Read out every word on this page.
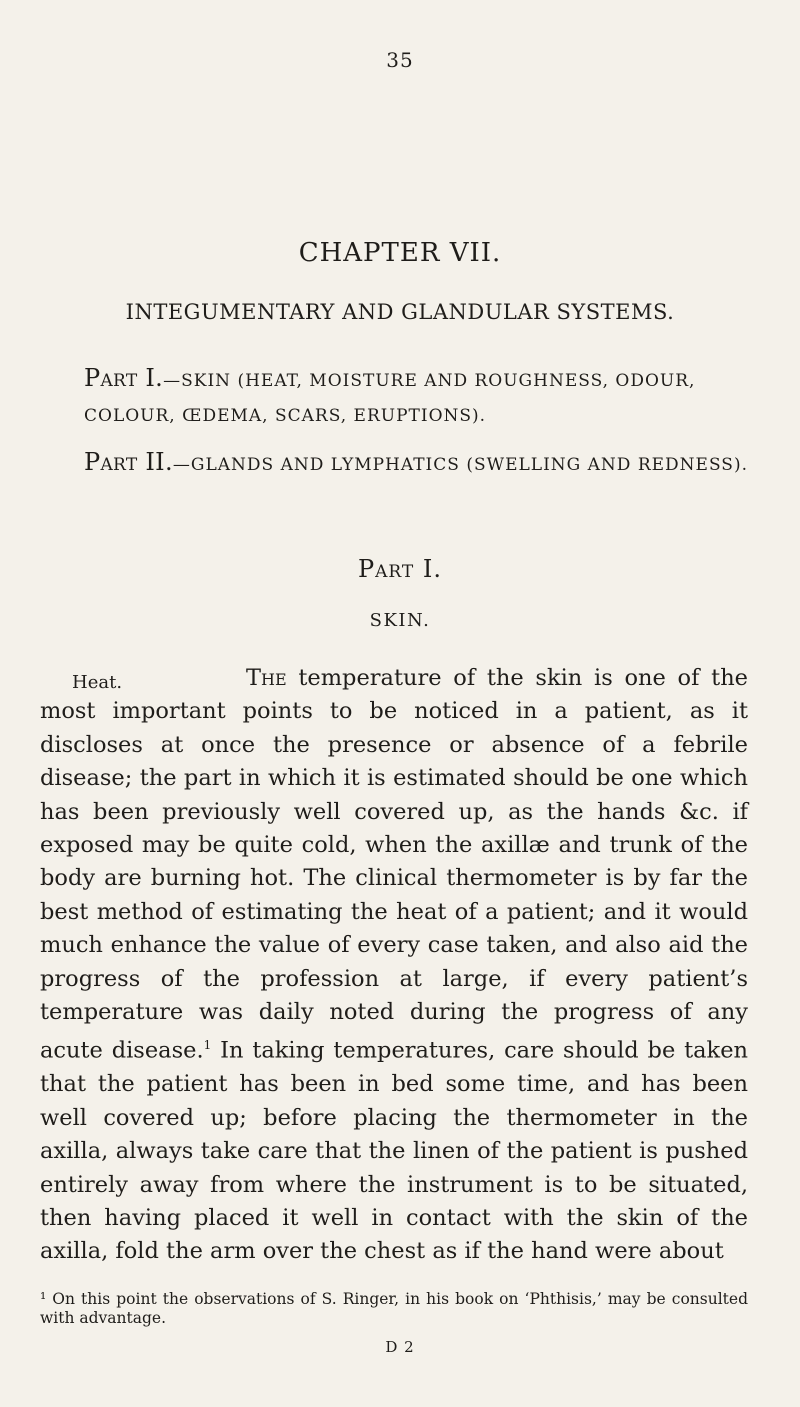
35
CHAPTER VII.
INTEGUMENTARY AND GLANDULAR SYSTEMS.
Part I.—SKIN (HEAT, MOISTURE AND ROUGHNESS, ODOUR, COLOUR, ŒDEMA, SCARS, ERUPTIONS).
Part II.—GLANDS AND LYMPHATICS (SWELLING AND REDNESS).
Part I.
SKIN.
Heat.	The temperature of the skin is one of the most important points to be noticed in a patient, as it discloses at once the presence or absence of a febrile disease; the part in which it is estimated should be one which has been previously well covered up, as the hands &c. if exposed may be quite cold, when the axillæ and trunk of the body are burning hot. The clinical thermometer is by far the best method of estimating the heat of a patient; and it would much enhance the value of every case taken, and also aid the progress of the profession at large, if every patient’s temperature was daily noted during the progress of any acute disease.$^1$ In taking temperatures, care should be taken that the patient has been in bed some time, and has been well covered up; before placing the thermometer in the axilla, always take care that the linen of the patient is pushed entirely away from where the instrument is to be situated, then having placed it well in contact with the skin of the axilla, fold the arm over the chest as if the hand were about

¹ On this point the observations of S. Ringer, in his book on ‘Phthisis,’ may be consulted with advantage.

D 2
